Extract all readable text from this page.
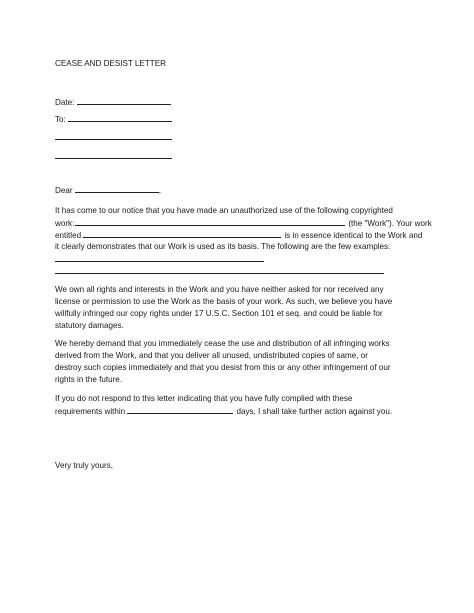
CEASE AND DESIST LETTER
Date:
To:
Dear	,
It has come to our notice that you have made an unauthorized use of the following copyrighted
work:	(the "Work"). Your work
entitled	is in essence identical to the Work and
it clearly demonstrates that our Work is used as its basis. The following are the few examples:
We own all rights and interests in the Work and you have neither asked for nor received any
license or permission to use the Work as the basis of your work. As such, we believe you have
willfully infringed our copy rights under 17 U.S.C. Section 101 et seq. and could be liable for
statutory damages.
We hereby demand that you immediately cease the use and distribution of all infringing works
derived from the Work, and that you deliver all unused, undistributed copies of same, or
destroy such copies immediately and that you desist from this or any other infringement of our
rights in the future.
If you do not respond to this letter indicating that you have fully complied with these
requirements within	days, I shall take further action against you.
Very truly yours,
